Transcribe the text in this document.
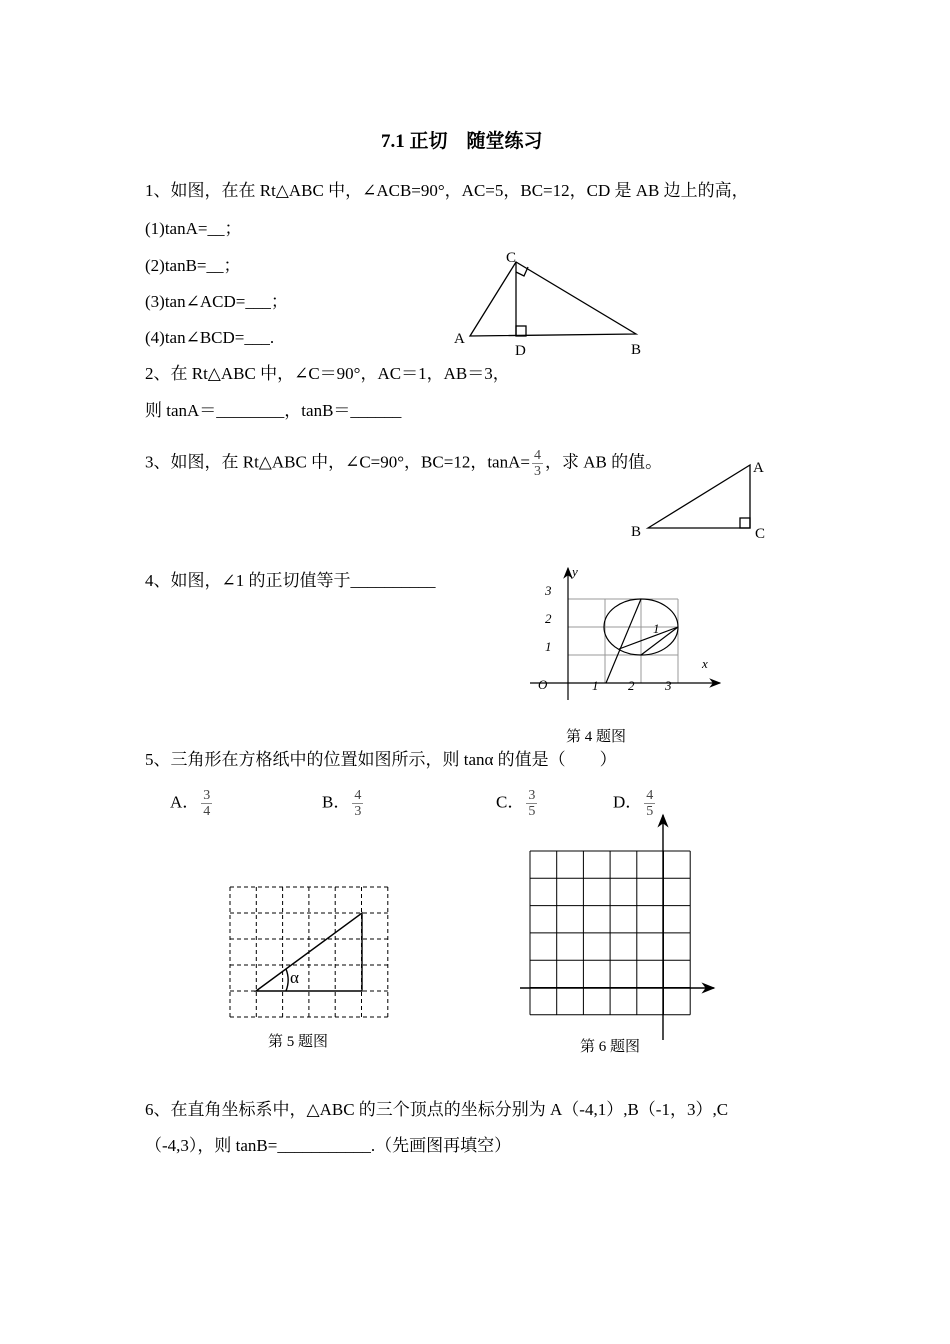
7.1 正切　随堂练习
1、如图，在在 Rt△ABC 中，∠ACB=90°，AC=5，BC=12，CD 是 AB 边上的高，
(1)tanA=__；
(2)tanB=__；
(3)tan∠ACD=___；
(4)tan∠BCD=___.
2、在 Rt△ABC 中，∠C＝90°，AC＝1，AB＝3，
则 tanA＝________，tanB＝______
3、如图，在 Rt△ABC 中，∠C=90°，BC=12，$\tan A= \frac{4}{3}$ ，求 AB 的值。
4、如图，∠1 的正切值等于__________
第 4 题图
5、三角形在方格纸中的位置如图所示，则 tanα 的值是（　　）
A． $\frac{3}{4}$	B． $\frac{4}{3}$	C． $\frac{3}{5}$	D． $\frac{4}{5}$
第 5 题图	第 6 题图
6、在直角坐标系中，△ABC 的三个顶点的坐标分别为 A（-4,1）,B（-1，3）,C
（-4,3），则 tanB=___________.（先画图再填空）
C
A
D	B
A
B	C
O	1 2 3
1
2
3
x
y
1
α
